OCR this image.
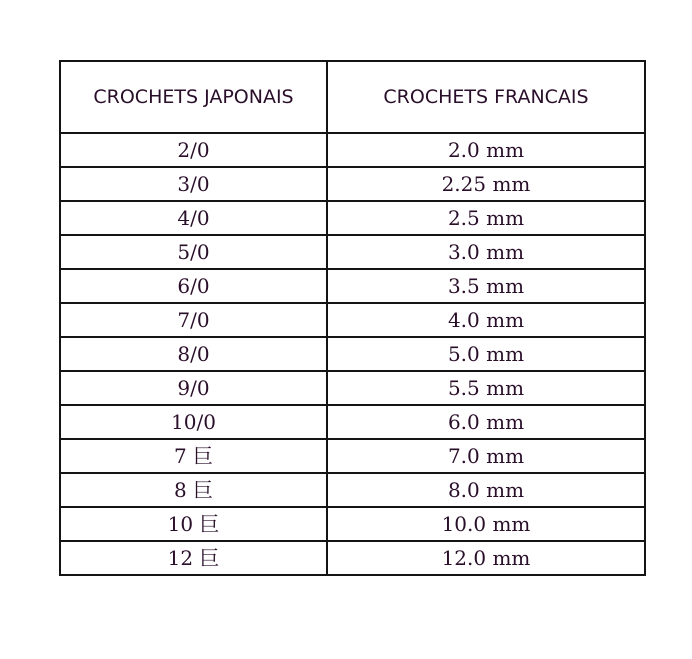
CROCHETS JAPONAIS	CROCHETS FRANCAIS
2/0	2.0 mm
3/0	2.25 mm
4/0	2.5 mm
5/0	3.0 mm
6/0	3.5 mm
7/0	4.0 mm
8/0	5.0 mm
9/0	5.5 mm
10/0	6.0 mm
7 巨	7.0 mm
8 巨	8.0 mm
10 巨	10.0 mm
12 巨	12.0 mm
